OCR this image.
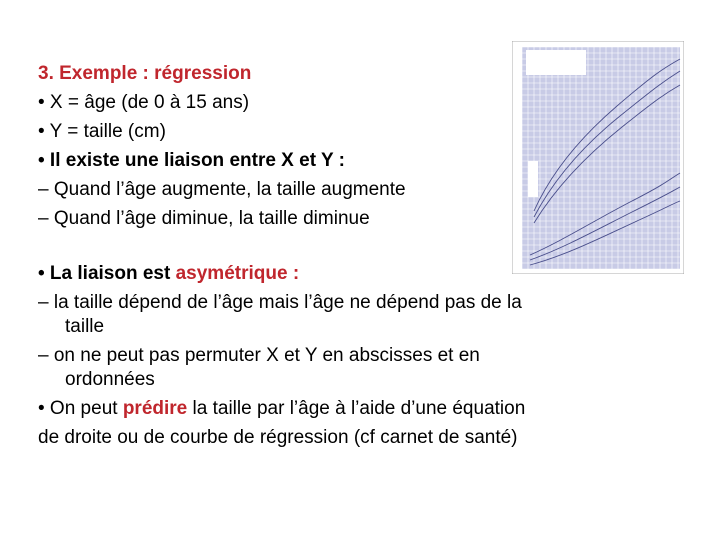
3. Exemple : régression
• X = âge (de 0 à 15 ans)
• Y = taille (cm)
• Il existe une liaison entre X et Y :
– Quand l’âge augmente, la taille augmente
– Quand l’âge diminue, la taille diminue
• La liaison est asymétrique :
– la taille dépend de l’âge mais l’âge ne dépend pas de la
taille
– on ne peut pas permuter X et Y en abscisses et en
ordonnées
• On peut prédire la taille par l’âge à l’aide d’une équation
de droite ou de courbe de régression (cf carnet de santé)
